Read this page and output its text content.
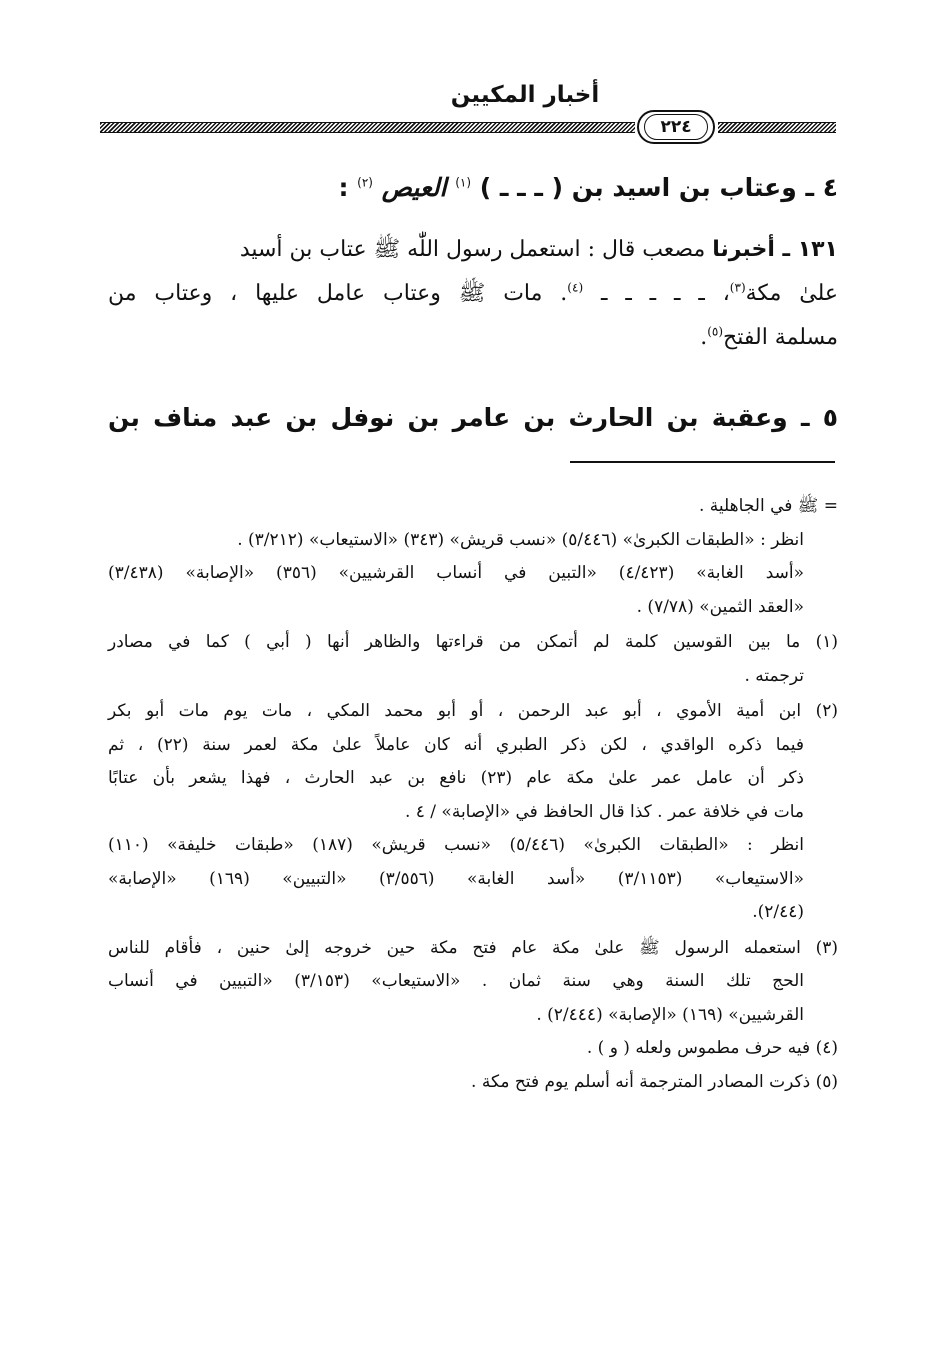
أخبار المكيين
٢٢٤
٤ ـ وعتاب بن اسيد بن ( ـ ـ ـ ) $^{(١)}$ العيص $^{(٢)}$ :
١٣١ ـ أخبرنا مصعب قال : استعمل رسول اللّٰه ﷺ عتاب بن أسيد
علىٰ مكة$^{(٣)}$، ـ ـ ـ ـ ـ $^{(٤)}$. مات ﷺ وعتاب عامل عليها ، وعتاب من
مسلمة الفتح$^{(٥)}$.
٥ ـ وعقبة بن الحارث بن عامر بن نوفل بن عبد مناف بن
= ﷺ في الجاهلية .
انظر : «الطبقات الكبرىٰ» (٥/٤٤٦) «نسب قريش» (٣٤٣) «الاستيعاب» (٣/٢١٢) .
«أسد الغابة» (٤/٤٢٣) «التبين في أنساب القرشيين» (٣٥٦) «الإصابة» (٣/٤٣٨)
«العقد الثمين» (٧/٧٨) .
(١) ما بين القوسين كلمة لم أتمكن من قراءتها والظاهر أنها ( أبي ) كما في مصادر
ترجمته .
(٢) ابن أمية الأموي ، أبو عبد الرحمن ، أو أبو محمد المكي ، مات يوم مات أبو بكر
فيما ذكره الواقدي ، لكن ذكر الطبري أنه كان عاملاً علىٰ مكة لعمر سنة (٢٢) ، ثم
ذكر أن عامل عمر علىٰ مكة عام (٢٣) نافع بن عبد الحارث ، فهذا يشعر بأن عتابًا
مات في خلافة عمر . كذا قال الحافظ في «الإصابة» / ٤ .
انظر : «الطبقات الكبرىٰ» (٥/٤٤٦) «نسب قريش» (١٨٧) «طبقات خليفة» (١١٠)
«الاستيعاب» (٣/١١٥٣) «أسد الغابة» (٣/٥٥٦) «التبيين» (١٦٩) «الإصابة»
(٢/٤٤).
(٣) استعمله الرسول ﷺ علىٰ مكة عام فتح مكة حين خروجه إلىٰ حنين ، فأقام للناس
الحج تلك السنة وهي سنة ثمان . «الاستيعاب» (٣/١٥٣) «التبيين في أنساب
القرشيين» (١٦٩) «الإصابة» (٢/٤٤٤) .
(٤) فيه حرف مطموس ولعله ( و ) .
(٥) ذكرت المصادر المترجمة أنه أسلم يوم فتح مكة .
